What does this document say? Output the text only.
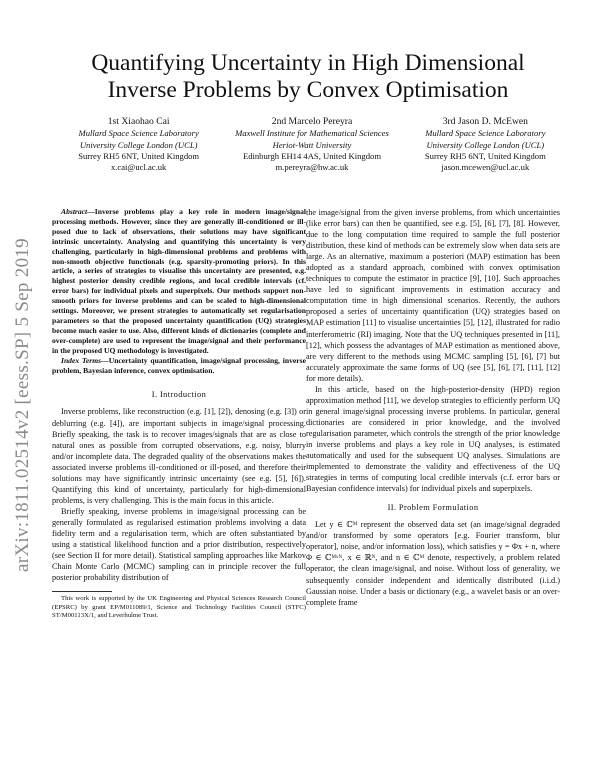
arXiv:1811.02514v2 [eess.SP] 5 Sep 2019
Quantifying Uncertainty in High Dimensional
Inverse Problems by Convex Optimisation
1st Xiaohao Cai
Mullard Space Science Laboratory
University College London (UCL)
Surrey RH5 6NT, United Kingdom
x.cai@ucl.ac.uk
2nd Marcelo Pereyra
Maxwell Institute for Mathematical Sciences
Heriot-Watt University
Edinburgh EH14 4AS, United Kingdom
m.pereyra@hw.ac.uk
3rd Jason D. McEwen
Mullard Space Science Laboratory
University College London (UCL)
Surrey RH5 6NT, United Kingdom
jason.mcewen@ucl.ac.uk

Abstract—Inverse problems play a key role in modern image/signal processing methods. However, since they are generally ill-conditioned or ill-posed due to lack of observations, their solutions may have significant intrinsic uncertainty. Analysing and quantifying this uncertainty is very challenging, particularly in high-dimensional problems and problems with non-smooth objective functionals (e.g. sparsity-promoting priors). In this article, a series of strategies to visualise this uncertainty are presented, e.g. highest posterior density credible regions, and local credible intervals (cf. error bars) for individual pixels and superpixels. Our methods support non-smooth priors for inverse problems and can be scaled to high-dimensional settings. Moreover, we present strategies to automatically set regularisation parameters so that the proposed uncertainty quantification (UQ) strategies become much easier to use. Also, different kinds of dictionaries (complete and over-complete) are used to represent the image/signal and their performance in the proposed UQ methodology is investigated.

Index Terms—Uncertainty quantification, image/signal processing, inverse problem, Bayesian inference, convex optimisation.

I. Introduction

Inverse problems, like reconstruction (e.g. [1], [2]), denosing (e.g. [3]) or deblurring (e.g. [4]), are important subjects in image/signal processing. Briefly speaking, the task is to recover images/signals that are as close to natural ones as possible from corrupted observations, e.g. noisy, blurry and/or incomplete data. The degraded quality of the observations makes the associated inverse problems ill-conditioned or ill-posed, and therefore their solutions may have significantly intrinsic uncertainty (see e.g. [5], [6]). Quantifying this kind of uncertainty, particularly for high-dimensional problems, is very challenging. This is the main focus in this article.

Briefly speaking, inverse problems in image/signal processing can be generally formulated as regularised estimation problems involving a data fidelity term and a regularisation term, which are often substantiated by using a statistical likelihood function and a prior distribution, respectively (see Section II for more detail). Statistical sampling approaches like Markov Chain Monte Carlo (MCMC) sampling can in principle recover the full posterior probability distribution of

This work is supported by the UK Engineering and Physical Sciences Research Council (EPSRC) by grant EP/M011089/1, Science and Technology Facilities Council (STFC) ST/M00113X/1, and Leverhulme Trust.

the image/signal from the given inverse problems, from which uncertainties (like error bars) can then be quantified, see e.g. [5], [6], [7], [8]. However, due to the long computation time required to sample the full posterior distribution, these kind of methods can be extremely slow when data sets are large. As an alternative, maximum a posteriori (MAP) estimation has been adopted as a standard approach, combined with convex optimisation techniques to compute the estimator in practice [9], [10]. Such approaches have led to significant improvements in estimation accuracy and computation time in high dimensional scenarios. Recently, the authors proposed a series of uncertainty quantification (UQ) strategies based on MAP estimation [11] to visualise uncertainties [5], [12], illustrated for radio interferometric (RI) imaging. Note that the UQ techniques presented in [11], [12], which possess the advantages of MAP estimation as mentioned above, are very different to the methods using MCMC sampling [5], [6], [7] but accurately approximate the same forms of UQ (see [5], [6], [7], [11], [12] for more details).

In this article, based on the high-posterior-density (HPD) region approximation method [11], we develop strategies to efficiently perform UQ in general image/signal processing inverse problems. In particular, general dictionaries are considered in prior knowledge, and the involved regularisation parameter, which controls the strength of the prior knowledge in inverse problems and plays a key role in UQ analyses, is estimated automatically and used for the subsequent UQ analyses. Simulations are implemented to demonstrate the validity and effectiveness of the UQ strategies in terms of computing local credible intervals (c.f. error bars or Bayesian confidence intervals) for individual pixels and superpixels.

II. Problem Formulation

Let y ∈ ℂᴹ represent the observed data set (an image/signal degraded and/or transformed by some operators [e.g. Fourier transform, blur operator], noise, and/or information loss), which satisfies y = Φx + n, where Φ ∈ ℂᴹˣᴺ, x ∈ ℝᴺ, and n ∈ ℂᴹ denote, respectively, a problem related operator, the clean image/signal, and noise. Without loss of generality, we subsequently consider independent and identically distributed (i.i.d.) Gaussian noise. Under a basis or dictionary (e.g., a wavelet basis or an over-complete frame
